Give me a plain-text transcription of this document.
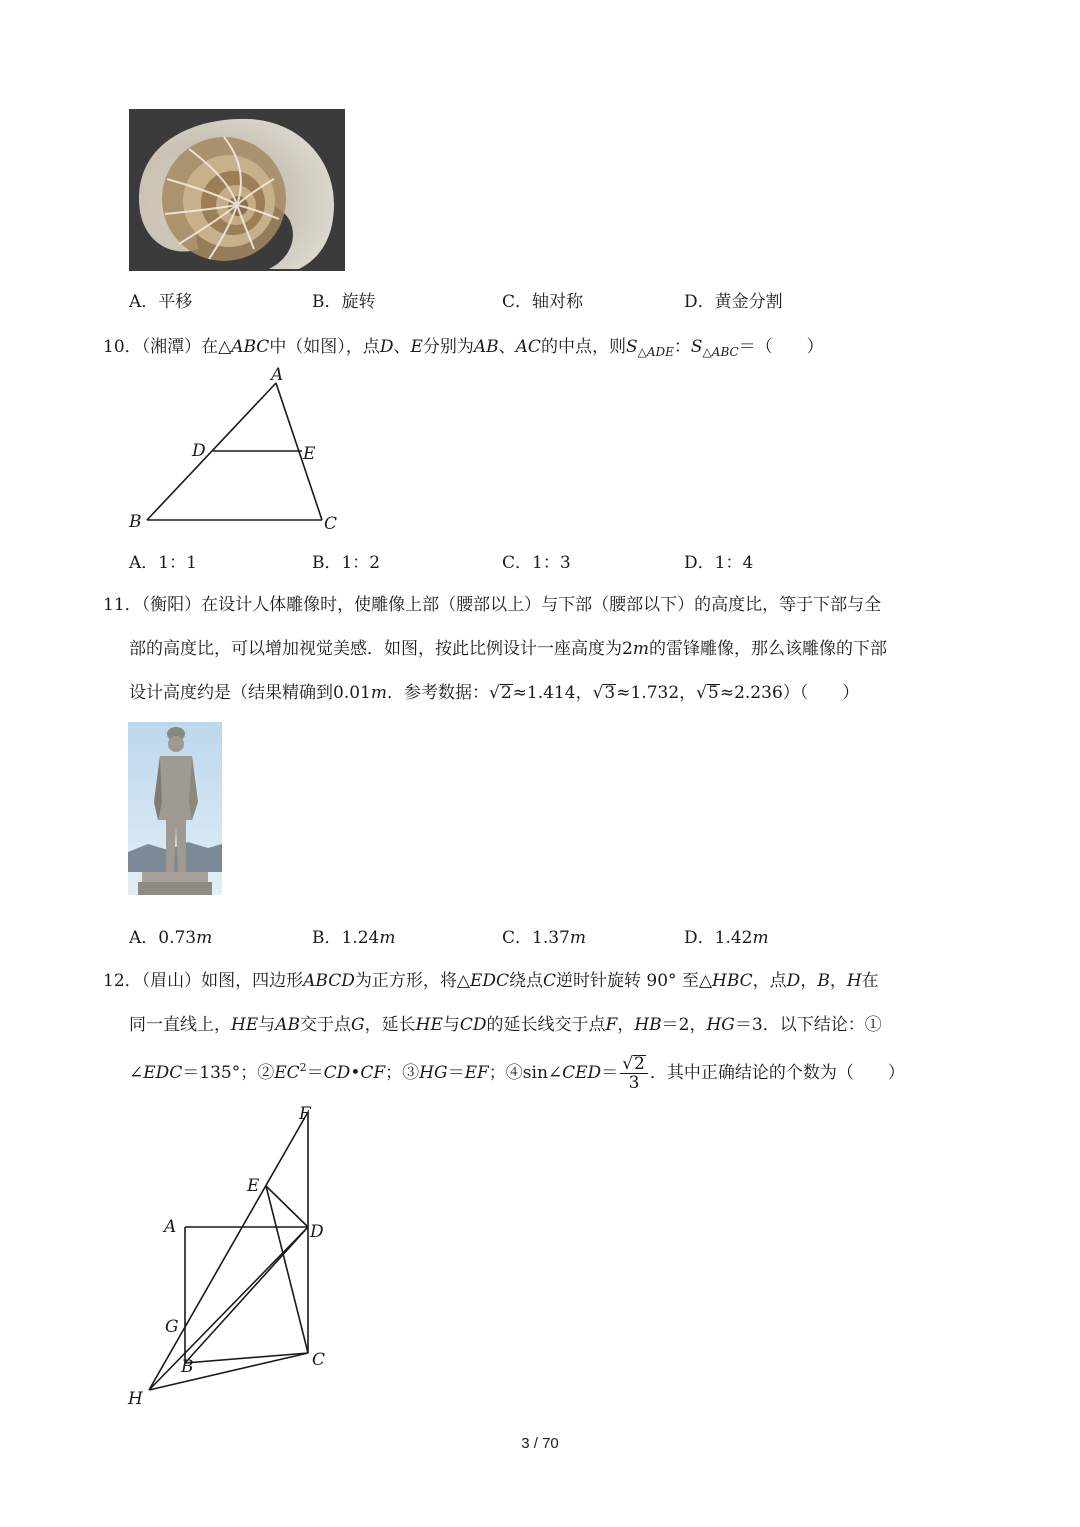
A．平移	B．旋转	C．轴对称	D．黄金分割
10．（湘潭）在△ABC中（如图），点D、E分别为AB、AC的中点，则$S_{\triangle ADE}$：$S_{\triangle ABC}=$（　　）
A
D	E
B	C
A．1：1	B．1：2	C．1：3	D．1：4
11．（衡阳）在设计人体雕像时，使雕像上部（腰部以上）与下部（腰部以下）的高度比，等于下部与全
部的高度比，可以增加视觉美感．如图，按此比例设计一座高度为2m的雷锋雕像，那么该雕像的下部
设计高度约是（结果精确到0.01m．参考数据：√2≈1.414，√3≈1.732，√5≈2.236）（　　）
A．0.73m	B．1.24m	C．1.37m	D．1.42m
12．（眉山）如图，四边形ABCD为正方形，将△EDC绕点C逆时针旋转 90° 至△HBC，点D，B，H在
同一直线上，HE与AB交于点G，延长HE与CD的延长线交于点F，HB＝2，HG＝3．以下结论：①
∠EDC＝135°；$②EC^2=CD•CF$；③HG＝EF；④sin∠CED＝ $\frac{√2}{3}$ ．其中正确结论的个数为（　　）
F
E
A	D
G
B	C
H
3 / 70
